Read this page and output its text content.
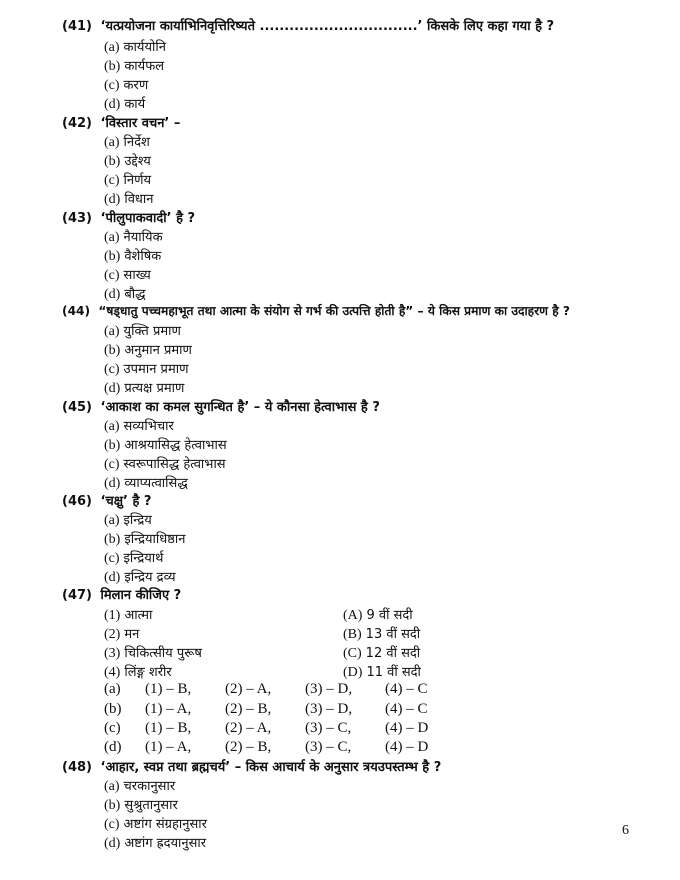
(41) ‘यत्प्रयोजना कार्याभिनिवृत्तिरिष्यते ................................’ किसके लिए कहा गया है ?
(a) कार्ययोनि
(b) कार्यफल
(c) करण
(d) कार्य
(42) ‘विस्तार वचन’ –
(a) निर्देश
(b) उद्देश्य
(c) निर्णय
(d) विधान
(43) ‘पीलुपाकवादी’ है ?
(a) नैयायिक
(b) वैशेषिक
(c) साख्य
(d) बौद्ध
(44) “षड्धातु पच्चमहाभूत तथा आत्मा के संयोग से गर्भ की उत्पत्ति होती है” – ये किस प्रमाण का उदाहरण है ?
(a) युक्ति प्रमाण
(b) अनुमान प्रमाण
(c) उपमान प्रमाण
(d) प्रत्यक्ष प्रमाण
(45) ‘आकाश का कमल सुगन्धित है’ – ये कौनसा हेत्वाभास है ?
(a) सव्यभिचार
(b) आश्रयासिद्ध हेत्वाभास
(c) स्वरूपासिद्ध हेत्वाभास
(d) व्याप्यत्वासिद्ध
(46) ‘चक्षु’ है ?
(a) इन्द्रिय
(b) इन्द्रियाधिष्ठान
(c) इन्द्रियार्थ
(d) इन्द्रिय द्रव्य
(47) मिलान कीजिए ?
(1) आत्मा
(2) मन
(3) चिकित्सीय पुरूष
(4) लिंङ्ग शरीर
(A) 9 वीं सदी
(B) 13 वीं सदी
(C) 12 वीं सदी
(D) 11 वीं सदी
(a) (1) – B, (2) – A, (3) – D, (4) – C
(b) (1) – A, (2) – B, (3) – D, (4) – C
(c) (1) – B, (2) – A, (3) – C, (4) – D
(d) (1) – A, (2) – B, (3) – C, (4) – D
(48) ‘आहार, स्वप्न तथा ब्रह्मचर्य’ – किस आचार्य के अनुसार त्रयउपस्तम्भ है ?
(a) चरकानुसार
(b) सुश्रुतानुसार
(c) अष्टांग संग्रहानुसार
(d) अष्टांग ह्रदयानुसार
6
